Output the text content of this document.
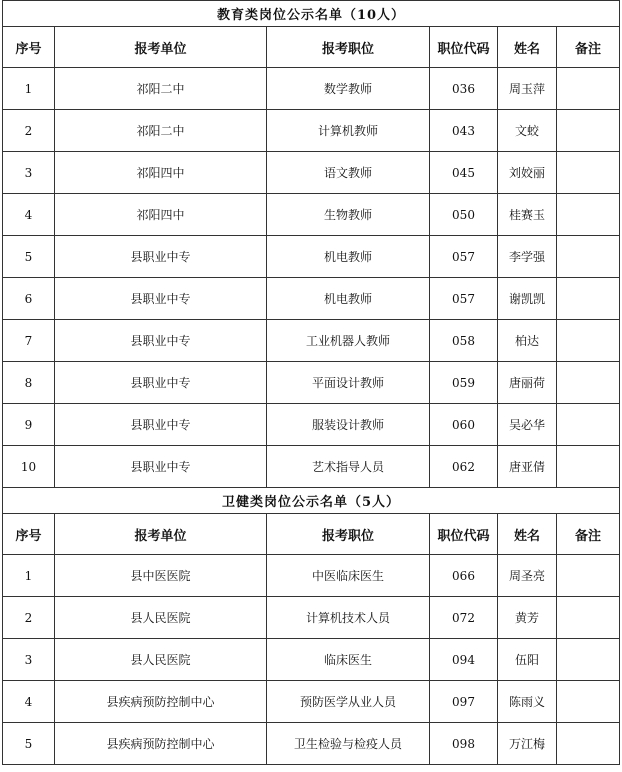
教育类岗位公示名单（10人）					
序号	报考单位	报考职位	职位代码	姓名	备注
1	祁阳二中	数学教师	036	周玉萍	
2	祁阳二中	计算机教师	043	文蛟	
3	祁阳四中	语文教师	045	刘姣丽	
4	祁阳四中	生物教师	050	桂赛玉	
5	县职业中专	机电教师	057	李学强	
6	县职业中专	机电教师	057	谢凯凯	
7	县职业中专	工业机器人教师	058	柏达	
8	县职业中专	平面设计教师	059	唐丽荷	
9	县职业中专	服装设计教师	060	吴必华	
10	县职业中专	艺术指导人员	062	唐亚倩	
卫健类岗位公示名单（5人）					
序号	报考单位	报考职位	职位代码	姓名	备注
1	县中医医院	中医临床医生	066	周圣亮	
2	县人民医院	计算机技术人员	072	黄芳	
3	县人民医院	临床医生	094	伍阳	
4	县疾病预防控制中心	预防医学从业人员	097	陈雨义	
5	县疾病预防控制中心	卫生检验与检疫人员	098	万江梅	
